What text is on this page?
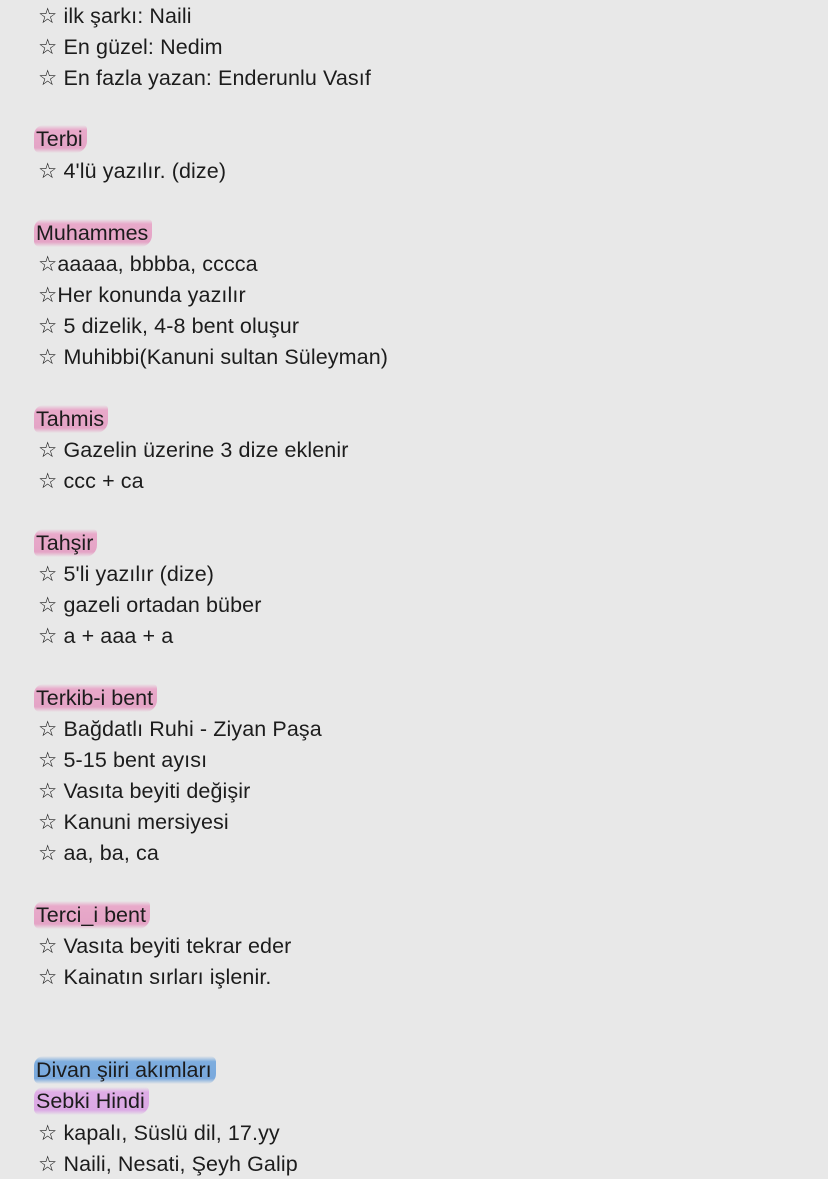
☆ ilk şarkı: Naili
☆ En güzel: Nedim
☆ En fazla yazan: Enderunlu Vasıf
Terbi
☆ 4'lü yazılır. (dize)
Muhammes
☆aaaaa, bbbba, cccca
☆Her konunda yazılır
☆ 5 dizelik, 4-8 bent oluşur
☆ Muhibbi(Kanuni sultan Süleyman)
Tahmis
☆ Gazelin üzerine 3 dize eklenir
☆ ccc + ca
Tahşir
☆ 5'li yazılır (dize)
☆ gazeli ortadan büber
☆ a + aaa + a
Terkib-i bent
☆ Bağdatlı Ruhi - Ziyan Paşa
☆ 5-15 bent ayısı
☆ Vasıta beyiti değişir
☆ Kanuni mersiyesi
☆ aa, ba, ca
Terci_i bent
☆ Vasıta beyiti tekrar eder
☆ Kainatın sırları işlenir.
Divan şiiri akımları
Sebki Hindi
☆ kapalı, Süslü dil, 17.yy
☆ Naili, Nesati, Şeyh Galip
